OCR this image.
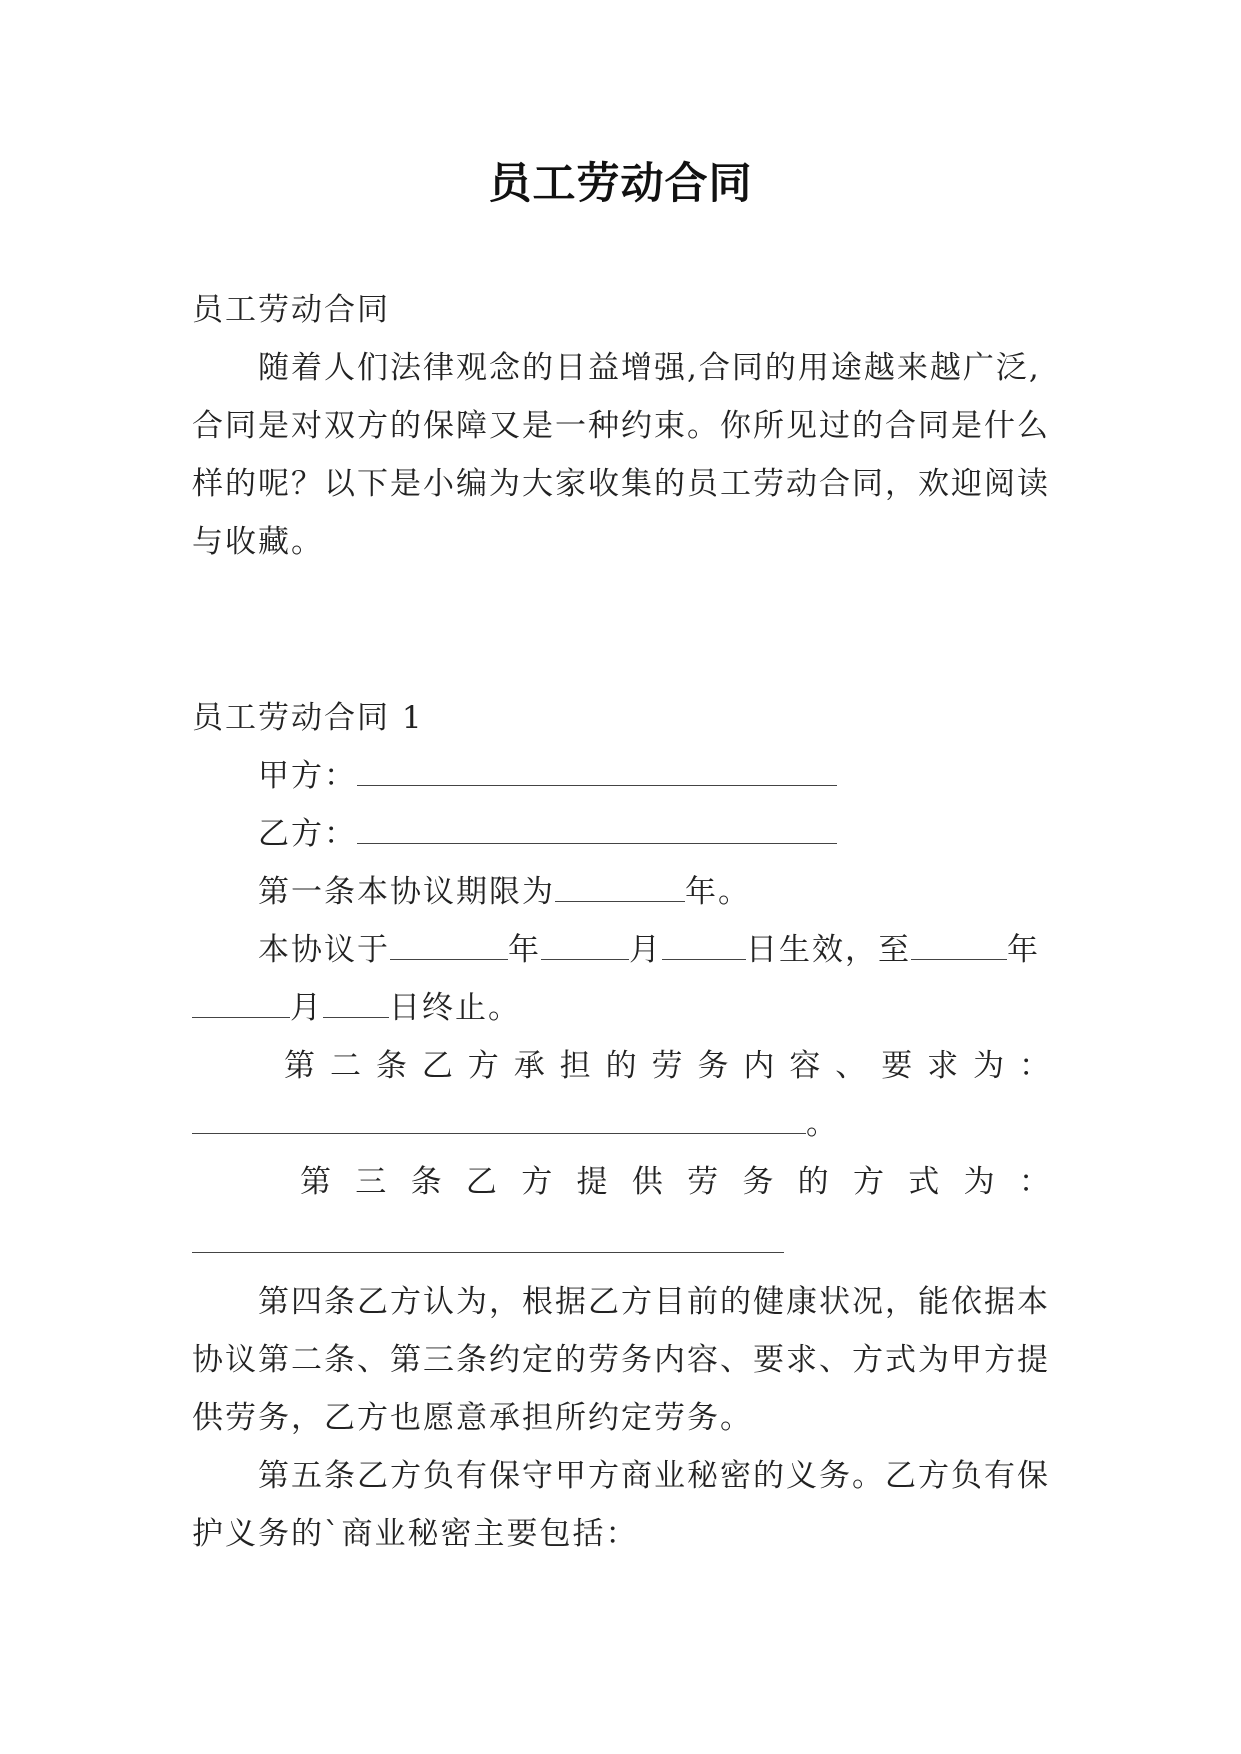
员工劳动合同
员工劳动合同
随着人们法律观念的日益增强,合同的用途越来越广泛,
合同是对双方的保障又是一种约束。你所见过的合同是什么
样的呢？以下是小编为大家收集的员工劳动合同，欢迎阅读
与收藏。
员工劳动合同 1
甲方：
乙方：
第一条本协议期限为	年。
本协议于	年	月	日生效，至	年
月 日终止。
第 二 条 乙 方 承 担 的 劳 务 内 容 、 要 求 为 ：
。
第 三 条 乙 方 提 供 劳 务 的 方 式 为 ：
第四条乙方认为，根据乙方目前的健康状况，能依据本
协议第二条、第三条约定的劳务内容、要求、方式为甲方提
供劳务，乙方也愿意承担所约定劳务。
第五条乙方负有保守甲方商业秘密的义务。乙方负有保
护义务的`商业秘密主要包括：
